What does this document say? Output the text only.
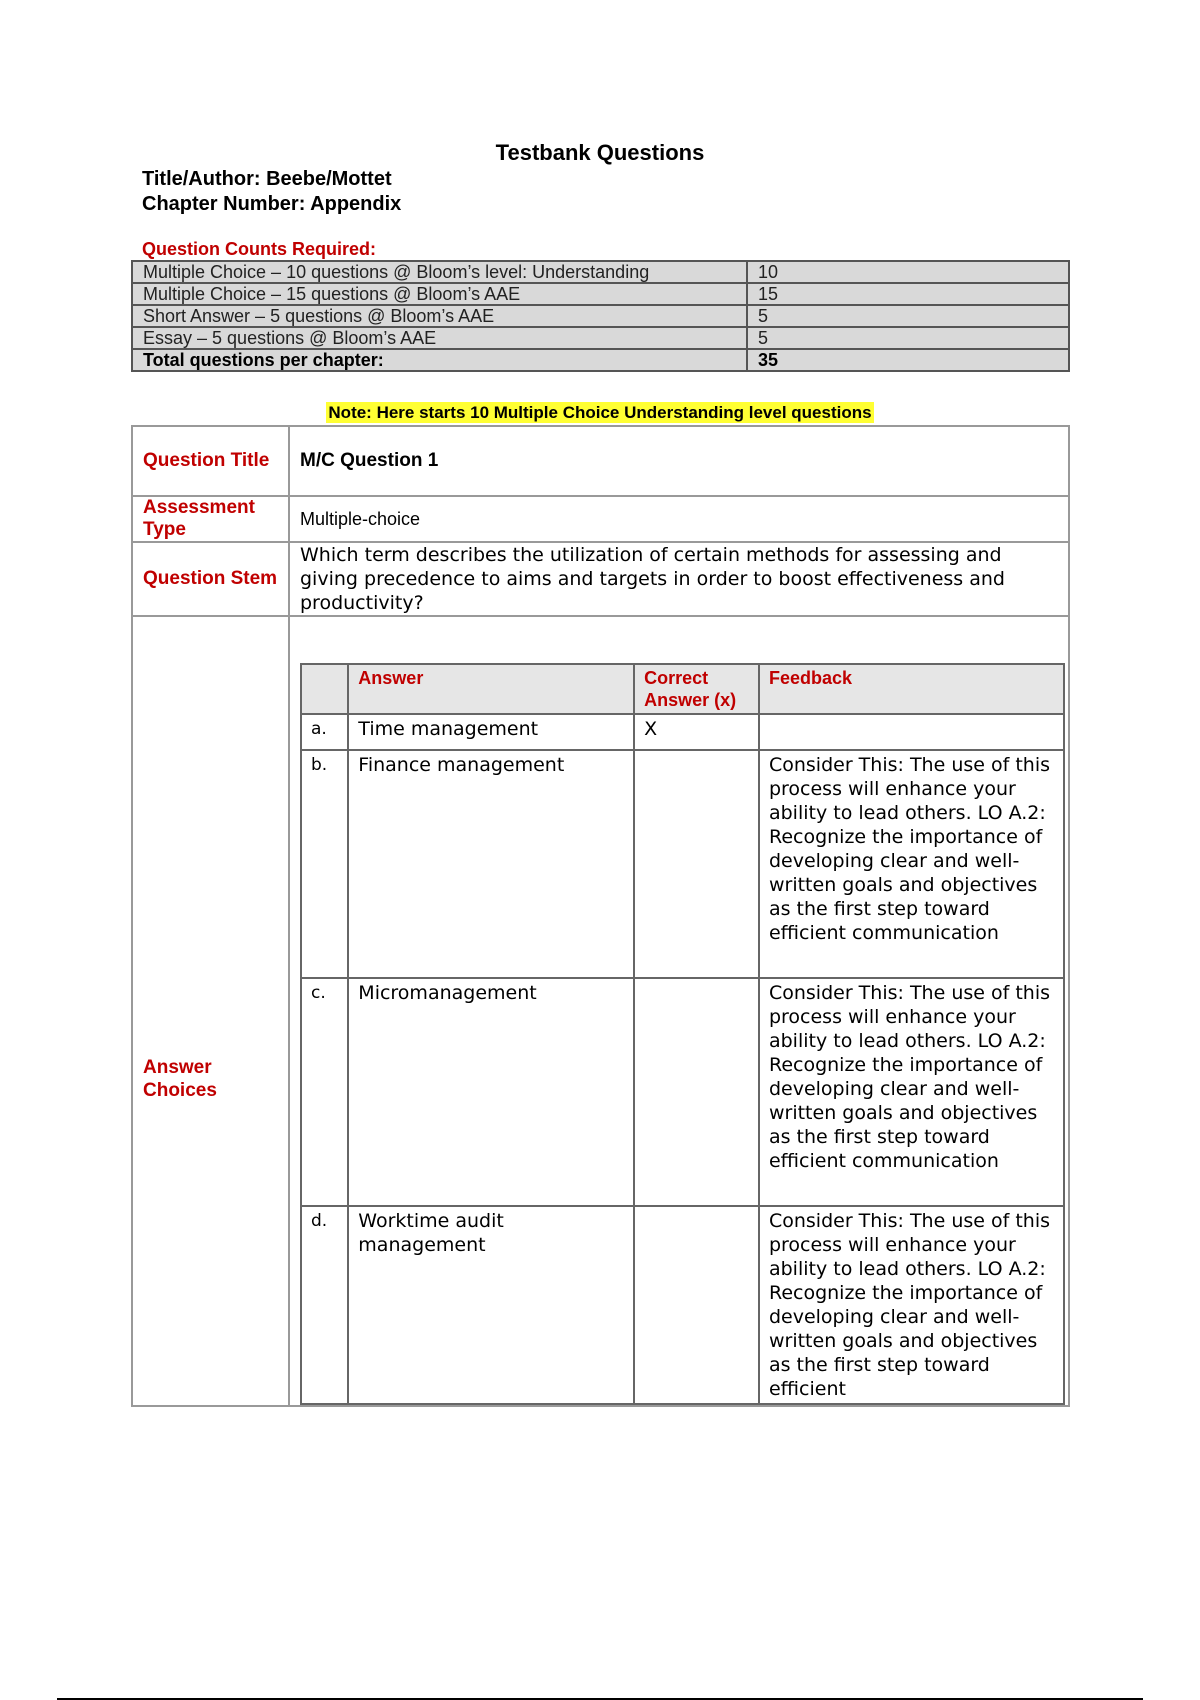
Testbank Questions
Title/Author: Beebe/Mottet
Chapter Number: Appendix
Question Counts Required:
Multiple Choice – 10 questions @ Bloom’s level: Understanding	10
Multiple Choice – 15 questions @ Bloom’s AAE	15
Short Answer – 5 questions @ Bloom’s AAE	5
Essay – 5 questions @ Bloom’s AAE	5
Total questions per chapter:	35
Note: Here starts 10 Multiple Choice Understanding level questions
Question Title	M/C Question 1
Assessment Type	Multiple-choice
Question Stem	Which term describes the utilization of certain methods for assessing and giving precedence to aims and targets in order to boost effectiveness and productivity?
Answer Choices	
	Answer	Correct Answer (x)	Feedback
a.	Time management	X	
b.	Finance management		Consider This: The use of this process will enhance your ability to lead others. LO A.2: Recognize the importance of developing clear and well-written goals and objectives as the first step toward efficient communication
c.	Micromanagement		Consider This: The use of this process will enhance your ability to lead others. LO A.2: Recognize the importance of developing clear and well-written goals and objectives as the first step toward efficient communication
d.	Worktime audit management		Consider This: The use of this process will enhance your ability to lead others. LO A.2: Recognize the importance of developing clear and well-written goals and objectives as the first step toward efficient
